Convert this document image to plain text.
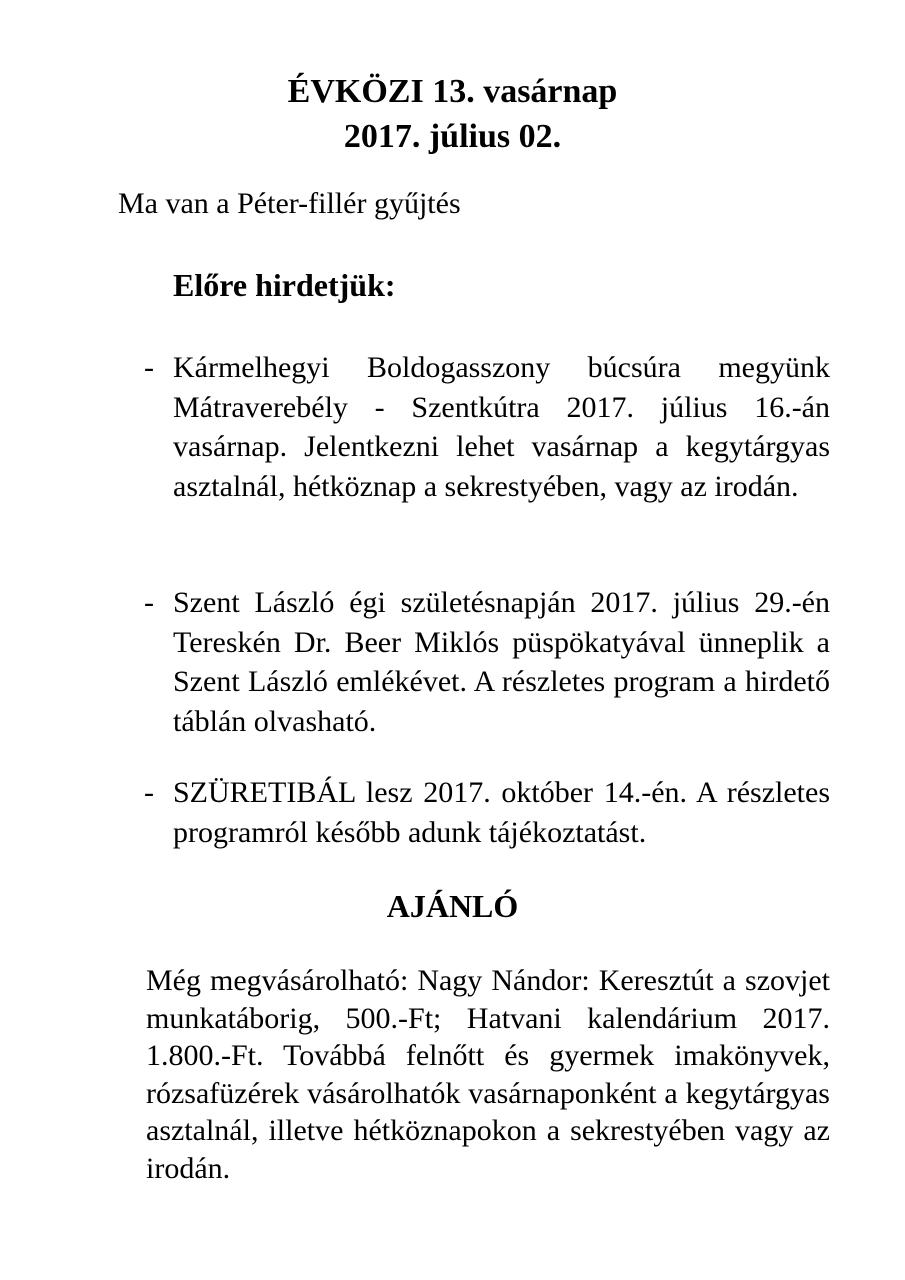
ÉVKÖZI 13. vasárnap
2017. július 02.
Ma van a Péter-fillér gyűjtés
Előre hirdetjük:
- Kármelhegyi Boldogasszony búcsúra megyünk Mátraverebély - Szentkútra 2017. július 16.-án vasárnap. Jelentkezni lehet vasárnap a kegytárgyas asztalnál, hétköznap a sekrestyében, vagy az irodán.
- Szent László égi születésnapján 2017. július 29.-én Tereskén Dr. Beer Miklós püspökatyával ünneplik a Szent László emlékévet. A részletes program a hirdető táblán olvasható.
- SZÜRETIBÁL lesz 2017. október 14.-én. A részletes programról később adunk tájékoztatást.
AJÁNLÓ
Még megvásárolható: Nagy Nándor: Keresztút a szovjet munkatáborig, 500.-Ft; Hatvani kalendárium 2017. 1.800.-Ft. Továbbá felnőtt és gyermek imakönyvek, rózsafüzérek vásárolhatók vasárnaponként a kegytárgyas asztalnál, illetve hétköznapokon a sekrestyében vagy az irodán.
